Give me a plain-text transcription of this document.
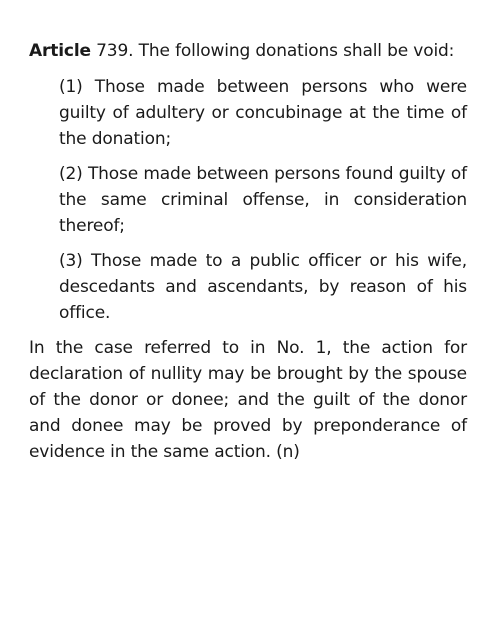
Article 739. The following donations shall be void:

(1) Those made between persons who were guilty of adultery or concubinage at the time of the donation;

(2) Those made between persons found guilty of the same criminal offense, in consideration thereof;

(3) Those made to a public officer or his wife, descedants and ascendants, by reason of his office.

In the case referred to in No. 1, the action for declaration of nullity may be brought by the spouse of the donor or donee; and the guilt of the donor and donee may be proved by preponderance of evidence in the same action. (n)
